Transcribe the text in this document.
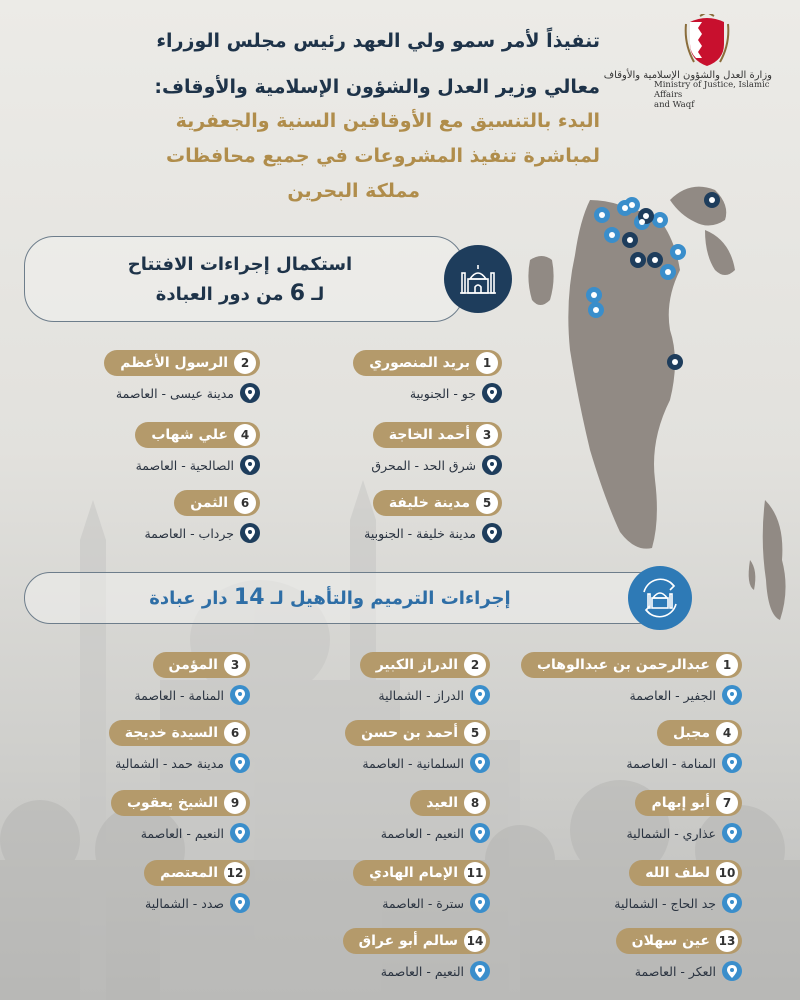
وزارة العدل والشؤون الإسلامية والأوقاف
Ministry of Justice, Islamic Affairs
and Waqf
تنفيذاً لأمر سمو ولي العهد رئيس مجلس الوزراء
معالي وزير العدل والشؤون الإسلامية والأوقاف:
البدء بالتنسيق مع الأوقافين السنية والجعفرية
لمباشرة تنفيذ المشروعات في جميع محافظات
مملكة البحرين
استكمال إجراءات الافتتاح
لـ 6 من دور العبادة
1
بريد المنصوري
جو - الجنوبية
2
الرسول الأعظم
مدينة عيسى - العاصمة
3
أحمد الخاجة
شرق الحد - المحرق
4
علي شهاب
الصالحية - العاصمة
5
مدينة خليفة
مدينة خليفة - الجنوبية
6
الثمن
جرداب - العاصمة
إجراءات الترميم والتأهيل لـ 14 دار عبادة
1
عبدالرحمن بن عبدالوهاب
الجفير - العاصمة
2
الدراز الكبير
الدراز - الشمالية
3
المؤمن
المنامة - العاصمة
4
مجبل
المنامة - العاصمة
5
أحمد بن حسن
السلمانية - العاصمة
6
السيدة خديجة
مدينة حمد - الشمالية
7
أبو إبهام
عذاري - الشمالية
8
العيد
النعيم - العاصمة
9
الشيخ يعقوب
النعيم - العاصمة
10
لطف الله
جد الحاج - الشمالية
11
الإمام الهادي
سترة - العاصمة
12
المعتصم
صدد - الشمالية
13
عين سهلان
العكر - العاصمة
14
سالم أبو عراق
النعيم - العاصمة
